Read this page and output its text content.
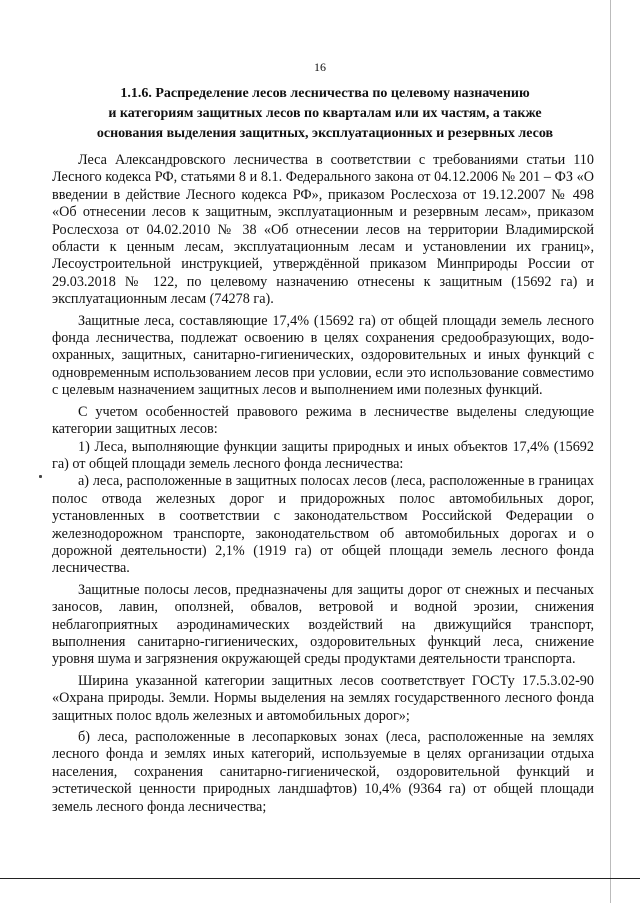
16
1.1.6. Распределение лесов лесничества по целевому назначению
и категориям защитных лесов по кварталам или их частям, а также
основания выделения защитных, эксплуатационных и резервных лесов

Леса Александровского лесничества в соответствии с требованиями статьи 110 Лесного кодекса РФ, статьями 8 и 8.1. Федерального закона от 04.12.2006 № 201 – ФЗ «О введении в действие Лесного кодекса РФ», приказом Рослесхоза от 19.12.2007 № 498 «Об отнесении лесов к защитным, эксплуатационным и резервным лесам», приказом Рослесхоза от 04.02.2010 № 38 «Об отнесении лесов на территории Владимирской области к ценным лесам, эксплуатационным лесам и установлении их границ», Лесоустроительной инструкцией, утверждённой приказом Минприроды России от 29.03.2018 № 122, по целевому назначению отнесены к защитным (15692 га) и эксплуатационным лесам (74278 га).

Защитные леса, составляющие 17,4% (15692 га) от общей площади земель лесного фонда лесничества, подлежат освоению в целях сохранения средообразующих, водо-охранных, защитных, санитарно-гигиенических, оздоровительных и иных функций с одновременным использованием лесов при условии, если это использование совместимо с целевым назначением защитных лесов и выполнением ими полезных функций.

С учетом особенностей правового режима в лесничестве выделены следующие категории защитных лесов:

1) Леса, выполняющие функции защиты природных и иных объектов 17,4% (15692 га) от общей площади земель лесного фонда лесничества:

а) леса, расположенные в защитных полосах лесов (леса, расположенные в границах полос отвода железных дорог и придорожных полос автомобильных дорог, установленных в соответствии с законодательством Российской Федерации о железнодорожном транспорте, законодательством об автомобильных дорогах и о дорожной деятельности) 2,1% (1919 га) от общей площади земель лесного фонда лесничества.

Защитные полосы лесов, предназначены для защиты дорог от снежных и песчаных заносов, лавин, оползней, обвалов, ветровой и водной эрозии, снижения неблагоприятных аэродинамических воздействий на движущийся транспорт, выполнения санитарно-гигиенических, оздоровительных функций леса, снижение уровня шума и загрязнения окружающей среды продуктами деятельности транспорта.

Ширина указанной категории защитных лесов соответствует ГОСТу 17.5.3.02-90 «Охрана природы. Земли. Нормы выделения на землях государственного лесного фонда защитных полос вдоль железных и автомобильных дорог»;

б) леса, расположенные в лесопарковых зонах (леса, расположенные на землях лесного фонда и землях иных категорий, используемые в целях организации отдыха населения, сохранения санитарно-гигиенической, оздоровительной функций и эстетической ценности природных ландшафтов) 10,4% (9364 га) от общей площади земель лесного фонда лесничества;
